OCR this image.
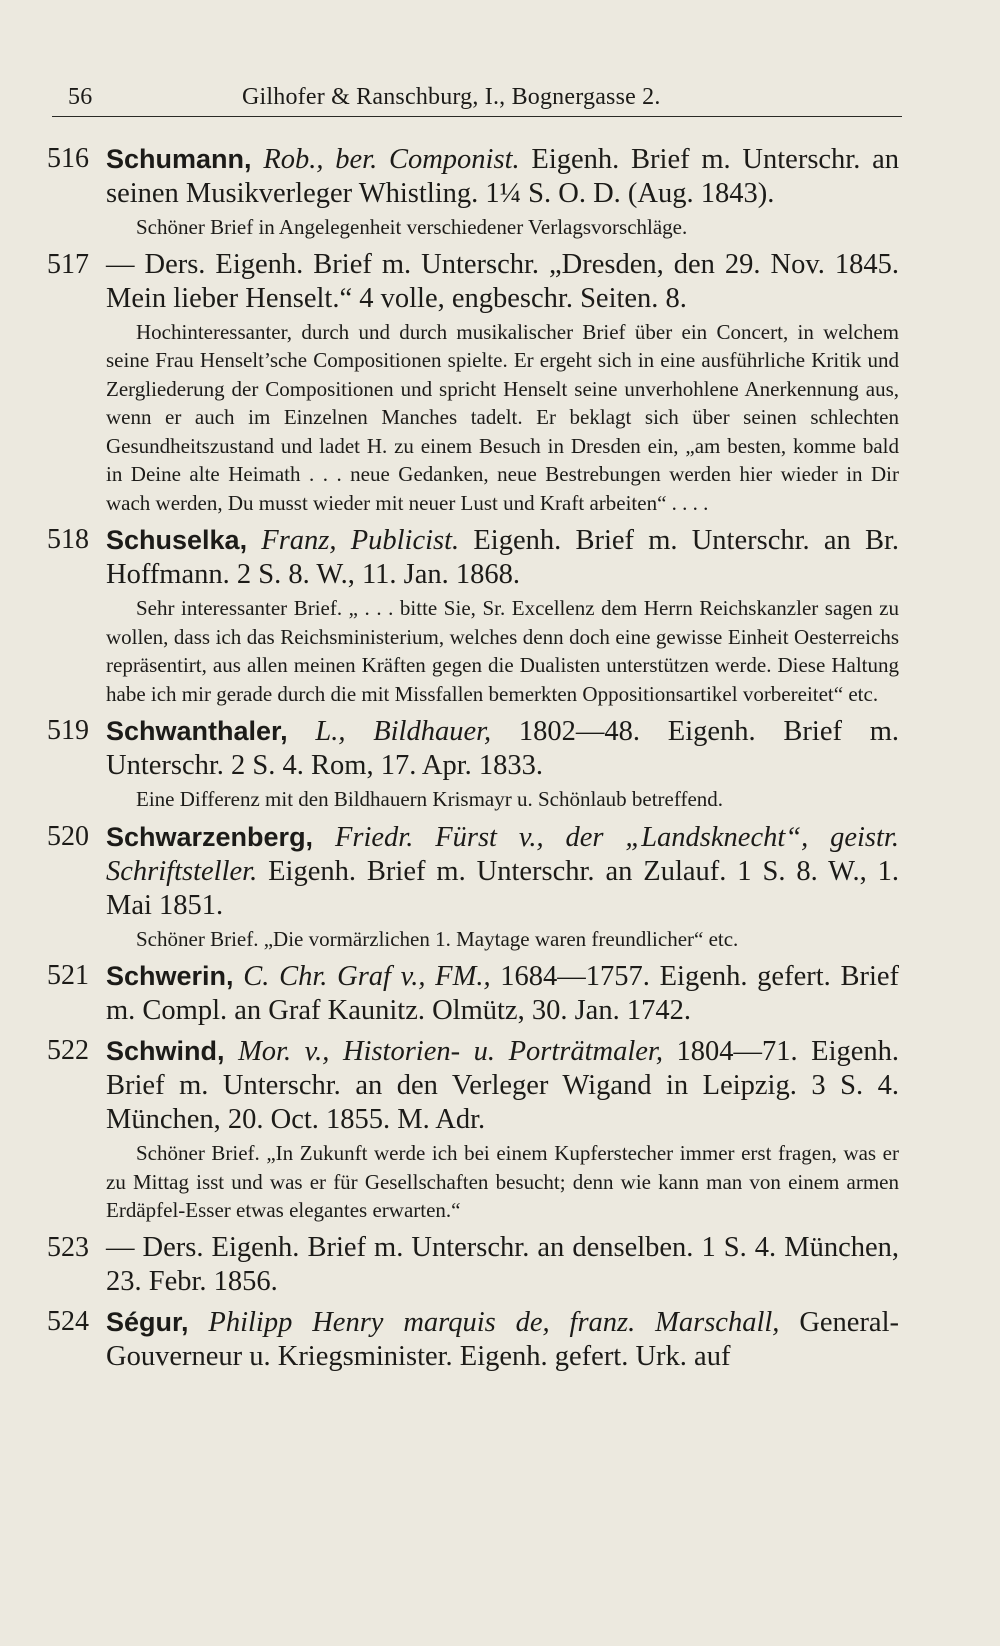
56	Gilhofer & Ranschburg, I., Bognergasse 2.
516 Schumann, Rob., ber. Componist. Eigenh. Brief m. Unterschr. an seinen Musikverleger Whistling. 1¼ S. O. D. (Aug. 1843).
Schöner Brief in Angelegenheit verschiedener Verlagsvorschläge.
517 — Ders. Eigenh. Brief m. Unterschr. „Dresden, den 29. Nov. 1845. Mein lieber Henselt.“ 4 volle, engbeschr. Seiten. 8.
Hochinteressanter, durch und durch musikalischer Brief über ein Concert, in welchem seine Frau Henselt’sche Compositionen spielte. Er ergeht sich in eine ausführliche Kritik und Zergliederung der Compositionen und spricht Henselt seine unverhohlene Anerkennung aus, wenn er auch im Einzelnen Manches tadelt. Er beklagt sich über seinen schlechten Gesundheitszustand und ladet H. zu einem Besuch in Dresden ein, „am besten, komme bald in Deine alte Heimath . . . neue Gedanken, neue Bestrebungen werden hier wieder in Dir wach werden, Du musst wieder mit neuer Lust und Kraft arbeiten“ . . . .
518 Schuselka, Franz, Publicist. Eigenh. Brief m. Unterschr. an Br. Hoffmann. 2 S. 8. W., 11. Jan. 1868.
Sehr interessanter Brief. „ . . . bitte Sie, Sr. Excellenz dem Herrn Reichskanzler sagen zu wollen, dass ich das Reichsministerium, welches denn doch eine gewisse Einheit Oesterreichs repräsentirt, aus allen meinen Kräften gegen die Dualisten unterstützen werde. Diese Haltung habe ich mir gerade durch die mit Missfallen bemerkten Oppositionsartikel vorbereitet“ etc.
519 Schwanthaler, L., Bildhauer, 1802—48. Eigenh. Brief m. Unterschr. 2 S. 4. Rom, 17. Apr. 1833.
Eine Differenz mit den Bildhauern Krismayr u. Schönlaub betreffend.
520 Schwarzenberg, Friedr. Fürst v., der „Landsknecht“, geistr. Schriftsteller. Eigenh. Brief m. Unterschr. an Zulauf. 1 S. 8. W., 1. Mai 1851.
Schöner Brief. „Die vormärzlichen 1. Maytage waren freundlicher“ etc.
521 Schwerin, C. Chr. Graf v., FM., 1684—1757. Eigenh. gefert. Brief m. Compl. an Graf Kaunitz. Olmütz, 30. Jan. 1742.
522 Schwind, Mor. v., Historien- u. Porträtmaler, 1804—71. Eigenh. Brief m. Unterschr. an den Verleger Wigand in Leipzig. 3 S. 4. München, 20. Oct. 1855. M. Adr.
Schöner Brief. „In Zukunft werde ich bei einem Kupferstecher immer erst fragen, was er zu Mittag isst und was er für Gesellschaften besucht; denn wie kann man von einem armen Erdäpfel-Esser etwas elegantes erwarten.“
523 — Ders. Eigenh. Brief m. Unterschr. an denselben. 1 S. 4. München, 23. Febr. 1856.
524 Ségur, Philipp Henry marquis de, franz. Marschall, General-Gouverneur u. Kriegsminister. Eigenh. gefert. Urk. auf
